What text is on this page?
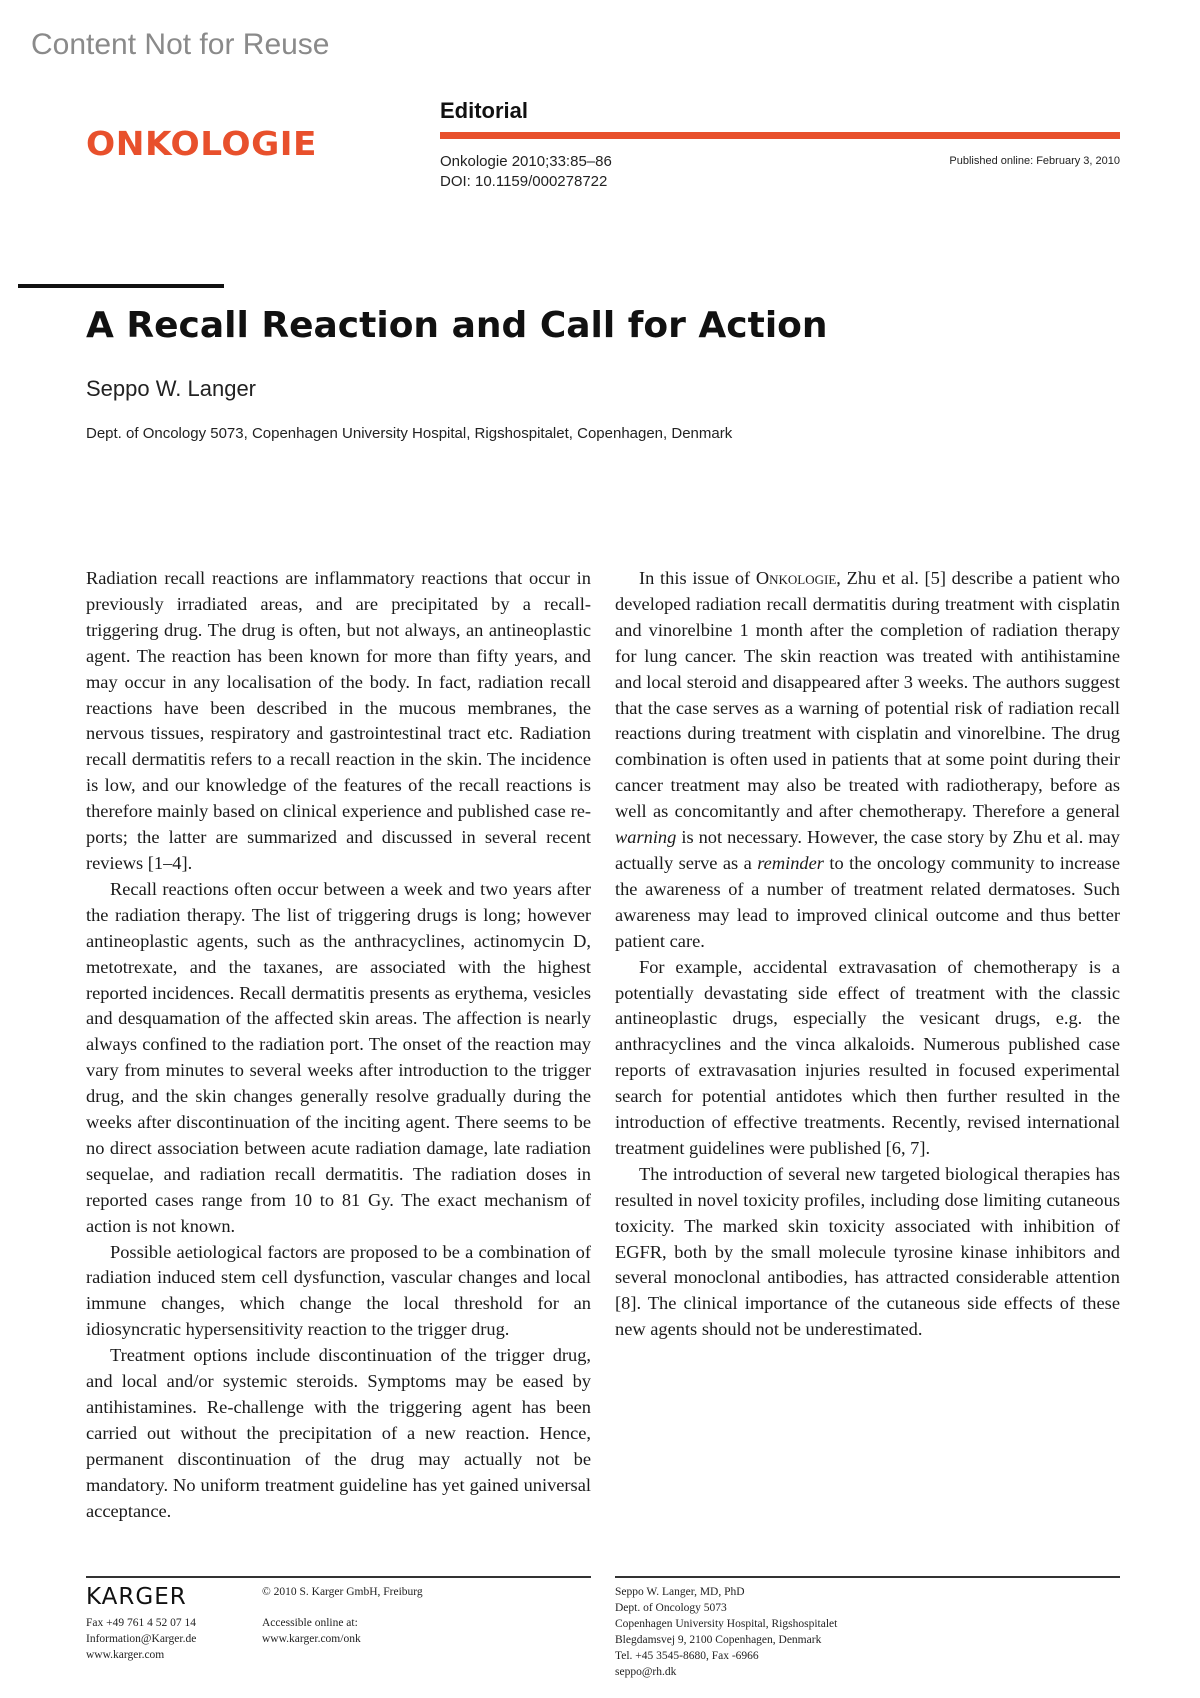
Content Not for Reuse
ONKOLOGIE
Editorial
Onkologie 2010;33:85–86
DOI: 10.1159/000278722
Published online: February 3, 2010
A Recall Reaction and Call for Action
Seppo W. Langer
Dept. of Oncology 5073, Copenhagen University Hospital, Rigshospitalet, Copenhagen, Denmark

Radiation recall reactions are inflammatory reactions that occur in previously irradiated areas, and are precipitated by a recall-triggering drug. The drug is often, but not always, an antineoplastic agent. The reaction has been known for more than fifty years, and may occur in any localisation of the body. In fact, radiation recall reactions have been described in the mucous membranes, the nervous tissues, respiratory and gastrointestinal tract etc. Radiation recall dermatitis refers to a recall reaction in the skin. The incidence is low, and our knowledge of the features of the recall reactions is therefore mainly based on clinical experience and published case reports; the latter are summarized and discussed in several recent reviews [1–4].

Recall reactions often occur between a week and two years after the radiation therapy. The list of triggering drugs is long; however antineoplastic agents, such as the anthracyclines, actinomycin D, metotrexate, and the taxanes, are associated with the highest reported incidences. Recall dermatitis presents as erythema, vesicles and desquamation of the affected skin areas. The affection is nearly always confined to the radiation port. The onset of the reaction may vary from minutes to several weeks after introduction to the trigger drug, and the skin changes generally resolve gradually during the weeks after discontinuation of the inciting agent. There seems to be no direct association between acute radiation damage, late radiation sequelae, and radiation recall dermatitis. The radiation doses in reported cases range from 10 to 81 Gy. The exact mechanism of action is not known.

Possible aetiological factors are proposed to be a combination of radiation induced stem cell dysfunction, vascular changes and local immune changes, which change the local threshold for an idiosyncratic hypersensitivity reaction to the trigger drug.

Treatment options include discontinuation of the trigger drug, and local and/or systemic steroids. Symptoms may be eased by antihistamines. Re-challenge with the triggering agent has been carried out without the precipitation of a new reaction. Hence, permanent discontinuation of the drug may actually not be mandatory. No uniform treatment guideline has yet gained universal acceptance.

In this issue of Onkologie, Zhu et al. [5] describe a patient who developed radiation recall dermatitis during treatment with cisplatin and vinorelbine 1 month after the completion of radiation therapy for lung cancer. The skin reaction was treated with antihistamine and local steroid and disappeared after 3 weeks. The authors suggest that the case serves as a warning of potential risk of radiation recall reactions during treatment with cisplatin and vinorelbine. The drug combination is often used in patients that at some point during their cancer treatment may also be treated with radiotherapy, before as well as concomitantly and after chemotherapy. Therefore a general warning is not necessary. However, the case story by Zhu et al. may actually serve as a reminder to the oncology community to increase the awareness of a number of treatment related dermatoses. Such awareness may lead to improved clinical outcome and thus better patient care.

For example, accidental extravasation of chemotherapy is a potentially devastating side effect of treatment with the classic antineoplastic drugs, especially the vesicant drugs, e.g. the anthracyclines and the vinca alkaloids. Numerous published case reports of extravasation injuries resulted in focused experimental search for potential antidotes which then further resulted in the introduction of effective treatments. Recently, revised international treatment guidelines were published [6, 7].

The introduction of several new targeted biological therapies has resulted in novel toxicity profiles, including dose limiting cutaneous toxicity. The marked skin toxicity associated with inhibition of EGFR, both by the small molecule tyrosine kinase inhibitors and several monoclonal antibodies, has attracted considerable attention [8]. The clinical importance of the cutaneous side effects of these new agents should not be underestimated.

KARGER
Fax +49 761 4 52 07 14
Information@Karger.de
www.karger.com
© 2010 S. Karger GmbH, Freiburg
Accessible online at:
www.karger.com/onk
Seppo W. Langer, MD, PhD
Dept. of Oncology 5073
Copenhagen University Hospital, Rigshospitalet
Blegdamsvej 9, 2100 Copenhagen, Denmark
Tel. +45 3545-8680, Fax -6966
seppo@rh.dk
